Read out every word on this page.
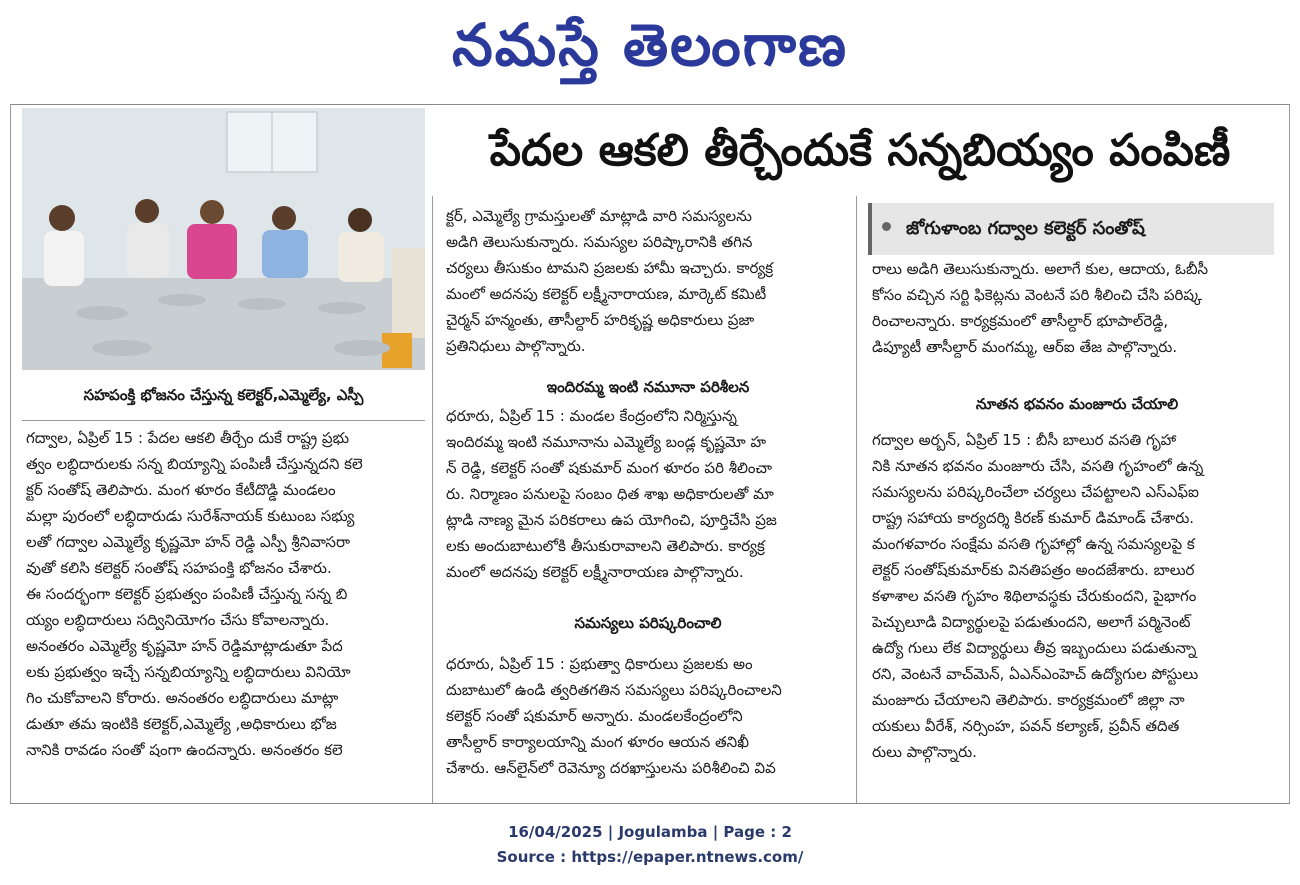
నమస్తే తెలంగాణ
సహపంక్తి భోజనం చేస్తున్న కలెక్టర్,ఎమ్మెల్యే, ఎస్పీ
పేదల ఆకలి తీర్చేందుకే సన్నబియ్యం పంపిణీ
జోగుళాంబ గద్వాల కలెక్టర్ సంతోష్
గద్వాల, ఏప్రిల్ 15 : పేదల ఆకలి తీర్చేం దుకే రాష్ట్ర ప్రభు
త్వం లబ్ధిదారులకు సన్న బియ్యాన్ని పంపిణీ చేస్తున్నదని కలె
క్టర్ సంతోష్ తెలిపారు. మంగ ళూరం కేటీదొడ్డి మండలం
మల్లా పురంలో లబ్ధిదారుడు సురేశ్‌నాయక్ కుటుంబ సభ్యు
లతో గద్వాల ఎమ్మెల్యే కృష్ణమో హన్ రెడ్డి ఎస్పీ శ్రీనివాసరా
వుతో కలిసి కలెక్టర్ సంతోష్ సహపంక్తి భోజనం చేశారు.
ఈ సందర్భంగా కలెక్టర్ ప్రభుత్వం పంపిణీ చేస్తున్న సన్న బి
య్యం లబ్ధిదారులు సద్వినియోగం చేసు కోవాలన్నారు.
అనంతరం ఎమ్మెల్యే కృష్ణమో హన్ రెడ్డిమాట్లాడుతూ పేద
లకు ప్రభుత్వం ఇచ్చే సన్నబియ్యాన్ని లబ్ధిదారులు వినియో
గిం చుకోవాలని కోరారు. అనంతరం లబ్ధిదారులు మాట్లా
డుతూ తమ ఇంటికి కలెక్టర్,ఎమ్మెల్యే ,అధికారులు భోజ
నానికి రావడం సంతో షంగా ఉందన్నారు. అనంతరం కలె
క్టర్, ఎమ్మెల్యే గ్రామస్తులతో మాట్లాడి వారి సమస్యలను
అడిగి తెలుసుకున్నారు. సమస్యల పరిష్కారానికి తగిన
చర్యలు తీసుకుం టామని ప్రజలకు హామీ ఇచ్చారు. కార్యక్ర
మంలో అదనపు కలెక్టర్ లక్ష్మీనారాయణ, మార్కెట్ కమిటీ
చైర్మన్ హన్మంతు, తాసీల్దార్ హరికృష్ణ అధికారులు ప్రజా
ప్రతినిధులు పాల్గొన్నారు.
ఇందిరమ్మ ఇంటి నమూనా పరిశీలన
ధరూరు, ఏప్రిల్ 15 : మండల కేంద్రంలోని నిర్మిస్తున్న
ఇందిరమ్మ ఇంటి నమూనాను ఎమ్మెల్యే బండ్ల కృష్ణమో హ
న్ రెడ్డి, కలెక్టర్ సంతో షకుమార్ మంగ ళూరం పరి శీలించా
రు. నిర్మాణం పనులపై సంబం ధిత శాఖ అధికారులతో మా
ట్లాడి నాణ్య మైన పరికరాలు ఉప యోగించి, పూర్తిచేసి ప్రజ
లకు అందుబాటులోకి తీసుకురావాలని తెలిపారు. కార్యక్ర
మంలో అదనపు కలెక్టర్ లక్ష్మీనారాయణ పాల్గొన్నారు.
సమస్యలు పరిష్కరించాలి
ధరూరు, ఏప్రిల్ 15 : ప్రభుత్వా ధికారులు ప్రజలకు అం
దుబాటులో ఉండి త్వరితగతిన సమస్యలు పరిష్కరించాలని
కలెక్టర్ సంతో షకుమార్ అన్నారు. మండలకేంద్రంలోని
తాసీల్దార్ కార్యాలయాన్ని మంగ ళూరం ఆయన తనిఖీ
చేశారు. ఆన్‌లైన్‌లో రెవెన్యూ దరఖాస్తులను పరిశీలించి వివ
రాలు అడిగి తెలుసుకున్నారు. అలాగే కుల, ఆదాయ, ఓబీసీ
కోసం వచ్చిన సర్టి ఫికెట్లను వెంటనే పరి శీలించి చేసి పరిష్క
రించాలన్నారు. కార్యక్రమంలో తాసీల్దార్ భూపాల్‌రెడ్డి,
డిప్యూటీ తాసీల్దార్ మంగమ్మ, ఆర్ఐ తేజ పాల్గొన్నారు.
నూతన భవనం మంజూరు చేయాలి
గద్వాల అర్బన్, ఏప్రిల్ 15 : బీసీ బాలుర వసతి గృహా
నికి నూతన భవనం మంజూరు చేసి, వసతి గృహంలో ఉన్న
సమస్యలను పరిష్కరించేలా చర్యలు చేపట్టాలని ఎస్ఎఫ్ఐ
రాష్ట్ర సహాయ కార్యదర్శి కిరణ్ కుమార్ డిమాండ్ చేశారు.
మంగళవారం సంక్షేమ వసతి గృహాల్లో ఉన్న సమస్యలపై క
లెక్టర్ సంతోష్‌కుమార్‌కు వినతిపత్రం అందజేశారు. బాలుర
కళాశాల వసతి గృహం శిథిలావస్థకు చేరుకుందని, పైభాగం
పెచ్చులూడి విద్యార్థులపై పడుతుందని, అలాగే పర్మినెంట్
ఉద్యో గులు లేక విద్యార్థులు తీవ్ర ఇబ్బందులు పడుతున్నా
రని, వెంటనే వాచ్‌మెన్, ఏఎన్ఎంహెచ్ ఉద్యోగుల పోస్టులు
మంజూరు చేయాలని తెలిపారు. కార్యక్రమంలో జిల్లా నా
యకులు వీరేశ్, నర్సింహ, పవన్ కల్యాణ్, ప్రవీన్ తదిత
రులు పాల్గొన్నారు.
16/04/2025 | Jogulamba | Page : 2
Source : https://epaper.ntnews.com/
